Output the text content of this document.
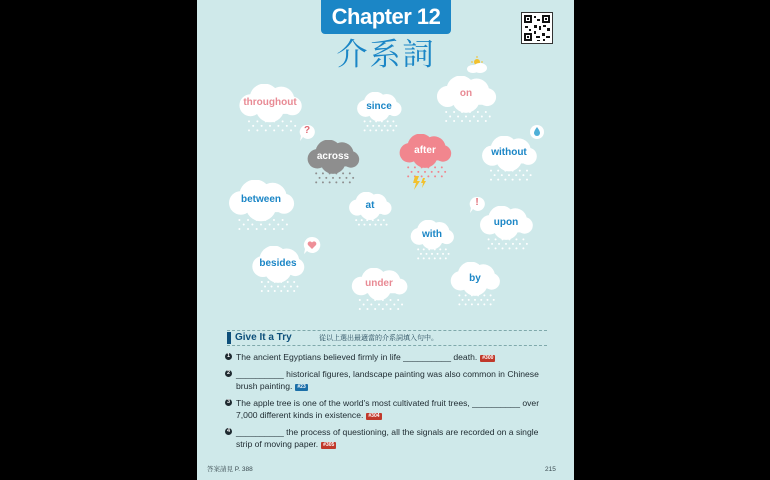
Chapter 12
介系詞
throughout	since
on
across
after	without
between	at
upon
with
besides
under	by
?
!
Give It a Try	從以上選出最適當的介系詞填入句中。
1 The ancient Egyptians believed firmly in life __________ death. #300
2 __________ historical figures, landscape painting was also common in Chinese brush painting. #23
3 The apple tree is one of the world's most cultivated fruit trees, __________ over 7,000 different kinds in existence. #304
4 __________ the process of questioning, all the signals are recorded on a single strip of moving paper. #305
答案請見 P. 388	215
